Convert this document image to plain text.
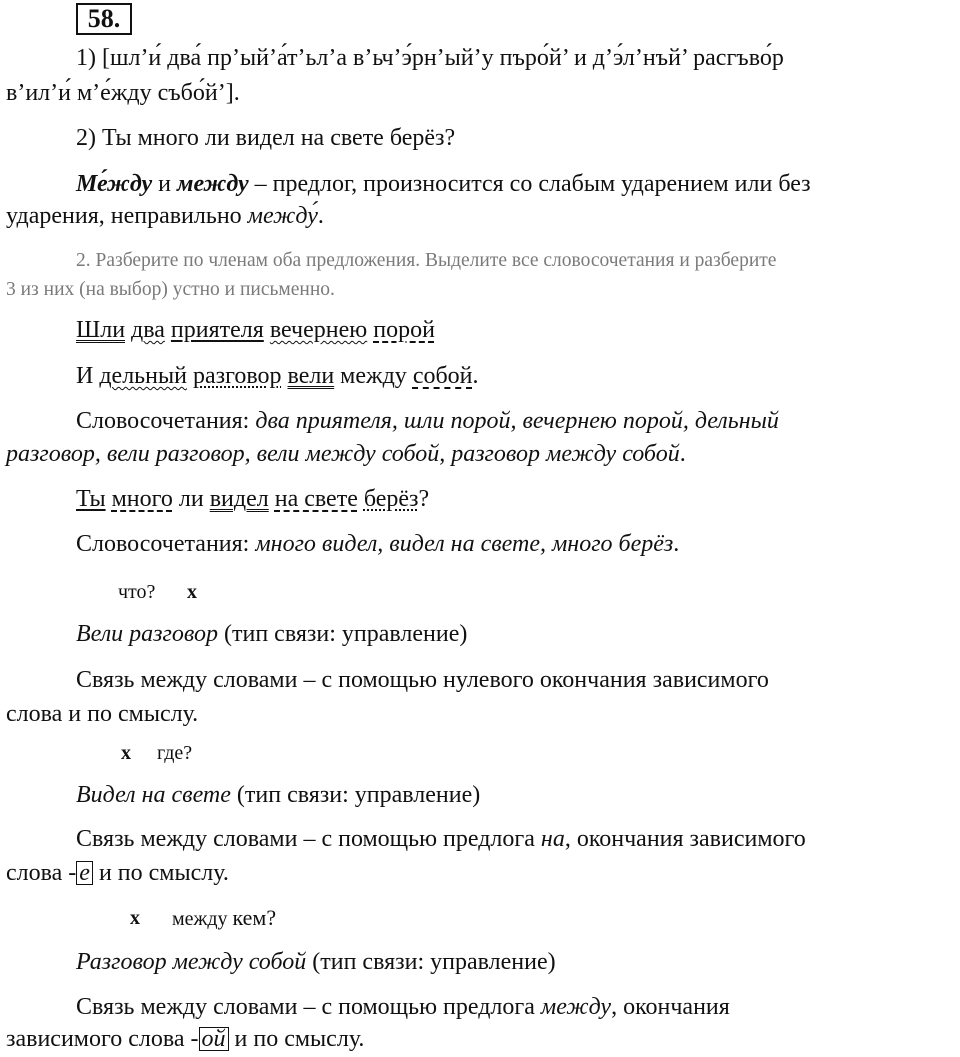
58.
1) [шл’и́ два́ пр’ый’а́т’ьл’а в’ьч’э́рн’ый’у пъро́й’ и д’э́л’нъй’ расгъво́р
в’ил’и́ м’е́жду събо́й’].
2) Ты много ли видел на свете берёз?
Ме́жду и между – предлог, произносится со слабым ударением или без
ударения, неправильно между́.
2. Разберите по членам оба предложения. Выделите все словосочетания и разберите
3 из них (на выбор) устно и письменно.
Шли два приятеля вечернею порой
И дельный разговор вели между собой.
Словосочетания: два приятеля, шли порой, вечернею порой, дельный
разговор, вели разговор, вели между собой, разговор между собой.
Ты много ли видел на свете берёз?
Словосочетания: много видел, видел на свете, много берёз.
что? x
Вели разговор (тип связи: управление)
Связь между словами – с помощью нулевого окончания зависимого
слова и по смыслу.
x где?
Видел на свете (тип связи: управление)
Связь между словами – с помощью предлога на, окончания зависимого
слова - е и по смыслу.
x между кем?
Разговор между собой (тип связи: управление)
Связь между словами – с помощью предлога между, окончания
зависимого слова - ой и по смыслу.
